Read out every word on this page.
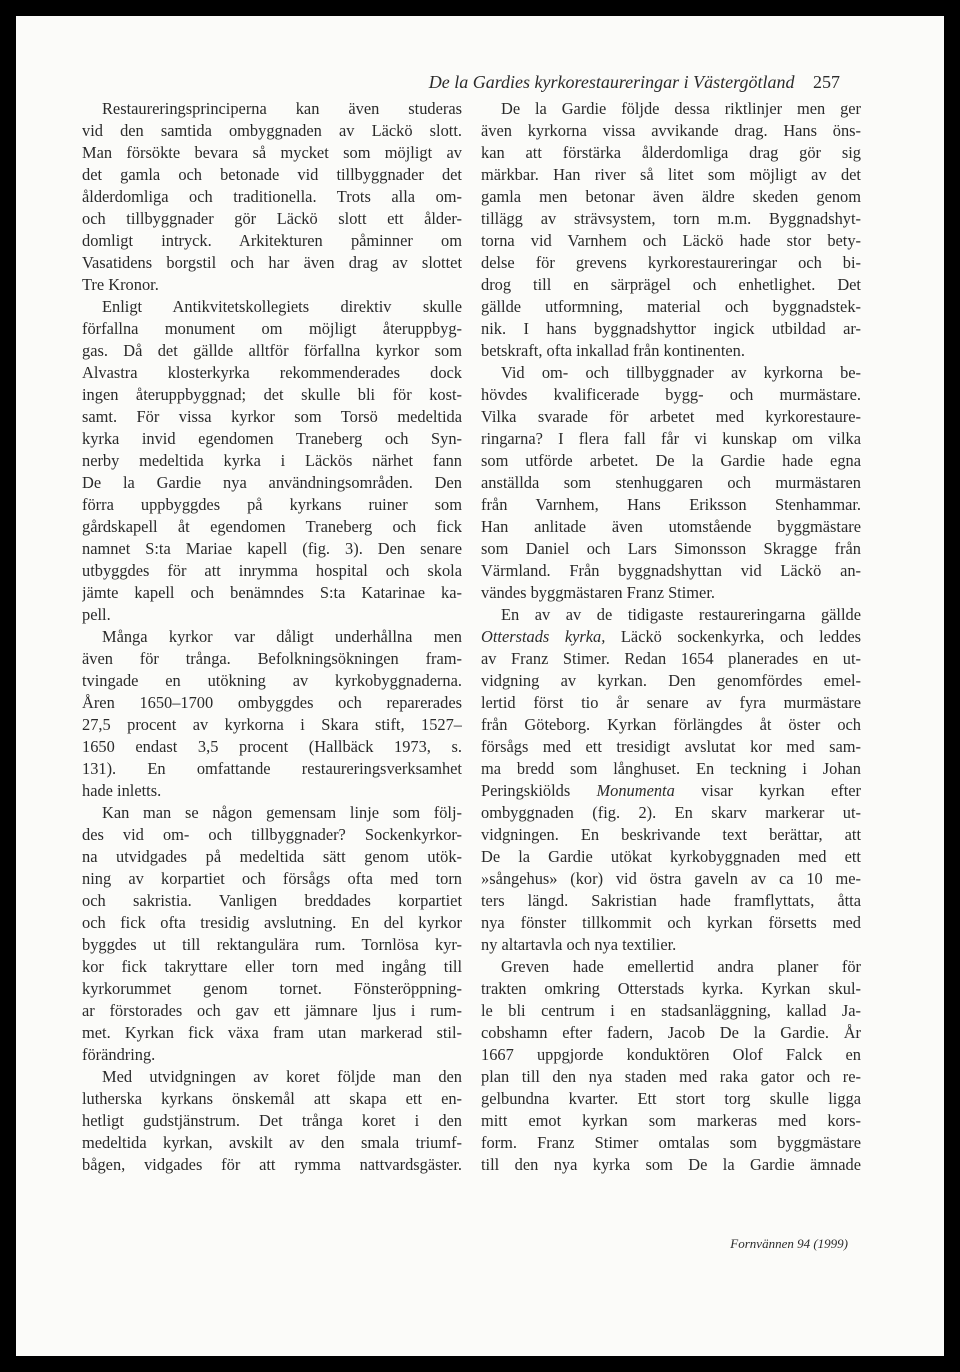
De la Gardies kyrkorestaureringar i Västergötland 257
Restaureringsprinciperna kan även studeras
vid den samtida ombyggnaden av Läckö slott.
Man försökte bevara så mycket som möjligt av
det gamla och betonade vid tillbyggnader det
ålderdomliga och traditionella. Trots alla om-
och tillbyggnader gör Läckö slott ett ålder-
domligt intryck. Arkitekturen påminner om
Vasatidens borgstil och har även drag av slottet
Tre Kronor.
Enligt Antikvitetskollegiets direktiv skulle
förfallna monument om möjligt återuppbyg-
gas. Då det gällde alltför förfallna kyrkor som
Alvastra klosterkyrka rekommenderades dock
ingen återuppbyggnad; det skulle bli för kost-
samt. För vissa kyrkor som Torsö medeltida
kyrka invid egendomen Traneberg och Syn-
nerby medeltida kyrka i Läckös närhet fann
De la Gardie nya användningsområden. Den
förra uppbyggdes på kyrkans ruiner som
gårdskapell åt egendomen Traneberg och fick
namnet S:ta Mariae kapell (fig. 3). Den senare
utbyggdes för att inrymma hospital och skola
jämte kapell och benämndes S:ta Katarinae ka-
pell.
Många kyrkor var dåligt underhållna men
även för trånga. Befolkningsökningen fram-
tvingade en utökning av kyrkobyggnaderna.
Åren 1650–1700 ombyggdes och reparerades
27,5 procent av kyrkorna i Skara stift, 1527–
1650 endast 3,5 procent (Hallbäck 1973, s.
131). En omfattande restaureringsverksamhet
hade inletts.
Kan man se någon gemensam linje som följ-
des vid om- och tillbyggnader? Sockenkyrkor-
na utvidgades på medeltida sätt genom utök-
ning av korpartiet och försågs ofta med torn
och sakristia. Vanligen breddades korpartiet
och fick ofta tresidig avslutning. En del kyrkor
byggdes ut till rektangulära rum. Tornlösa kyr-
kor fick takryttare eller torn med ingång till
kyrkorummet genom tornet. Fönsteröppning-
ar förstorades och gav ett jämnare ljus i rum-
met. Kyrkan fick växa fram utan markerad stil-
förändring.
Med utvidgningen av koret följde man den
lutherska kyrkans önskemål att skapa ett en-
hetligt gudstjänstrum. Det trånga koret i den
medeltida kyrkan, avskilt av den smala triumf-
bågen, vidgades för att rymma nattvardsgäster.
De la Gardie följde dessa riktlinjer men ger
även kyrkorna vissa avvikande drag. Hans öns-
kan att förstärka ålderdomliga drag gör sig
märkbar. Han river så litet som möjligt av det
gamla men betonar även äldre skeden genom
tillägg av strävsystem, torn m.m. Byggnadshyt-
torna vid Varnhem och Läckö hade stor bety-
delse för grevens kyrkorestaureringar och bi-
drog till en särprägel och enhetlighet. Det
gällde utformning, material och byggnadstek-
nik. I hans byggnadshyttor ingick utbildad ar-
betskraft, ofta inkallad från kontinenten.
Vid om- och tillbyggnader av kyrkorna be-
hövdes kvalificerade bygg- och murmästare.
Vilka svarade för arbetet med kyrkorestaure-
ringarna? I flera fall får vi kunskap om vilka
som utförde arbetet. De la Gardie hade egna
anställda som stenhuggaren och murmästaren
från Varnhem, Hans Eriksson Stenhammar.
Han anlitade även utomstående byggmästare
som Daniel och Lars Simonsson Skragge från
Värmland. Från byggnadshyttan vid Läckö an-
vändes byggmästaren Franz Stimer.
En av av de tidigaste restaureringarna gällde
Otterstads kyrka, Läckö sockenkyrka, och leddes
av Franz Stimer. Redan 1654 planerades en ut-
vidgning av kyrkan. Den genomfördes emel-
lertid först tio år senare av fyra murmästare
från Göteborg. Kyrkan förlängdes åt öster och
försågs med ett tresidigt avslutat kor med sam-
ma bredd som långhuset. En teckning i Johan
Peringskiölds Monumenta visar kyrkan efter
ombyggnaden (fig. 2). En skarv markerar ut-
vidgningen. En beskrivande text berättar, att
De la Gardie utökat kyrkobyggnaden med ett
»sångehus» (kor) vid östra gaveln av ca 10 me-
ters längd. Sakristian hade framflyttats, åtta
nya fönster tillkommit och kyrkan försetts med
ny altartavla och nya textilier.
Greven hade emellertid andra planer för
trakten omkring Otterstads kyrka. Kyrkan skul-
le bli centrum i en stadsanläggning, kallad Ja-
cobshamn efter fadern, Jacob De la Gardie. År
1667 uppgjorde konduktören Olof Falck en
plan till den nya staden med raka gator och re-
gelbundna kvarter. Ett stort torg skulle ligga
mitt emot kyrkan som markeras med kors-
form. Franz Stimer omtalas som byggmästare
till den nya kyrka som De la Gardie ämnade
Fornvännen 94 (1999)
